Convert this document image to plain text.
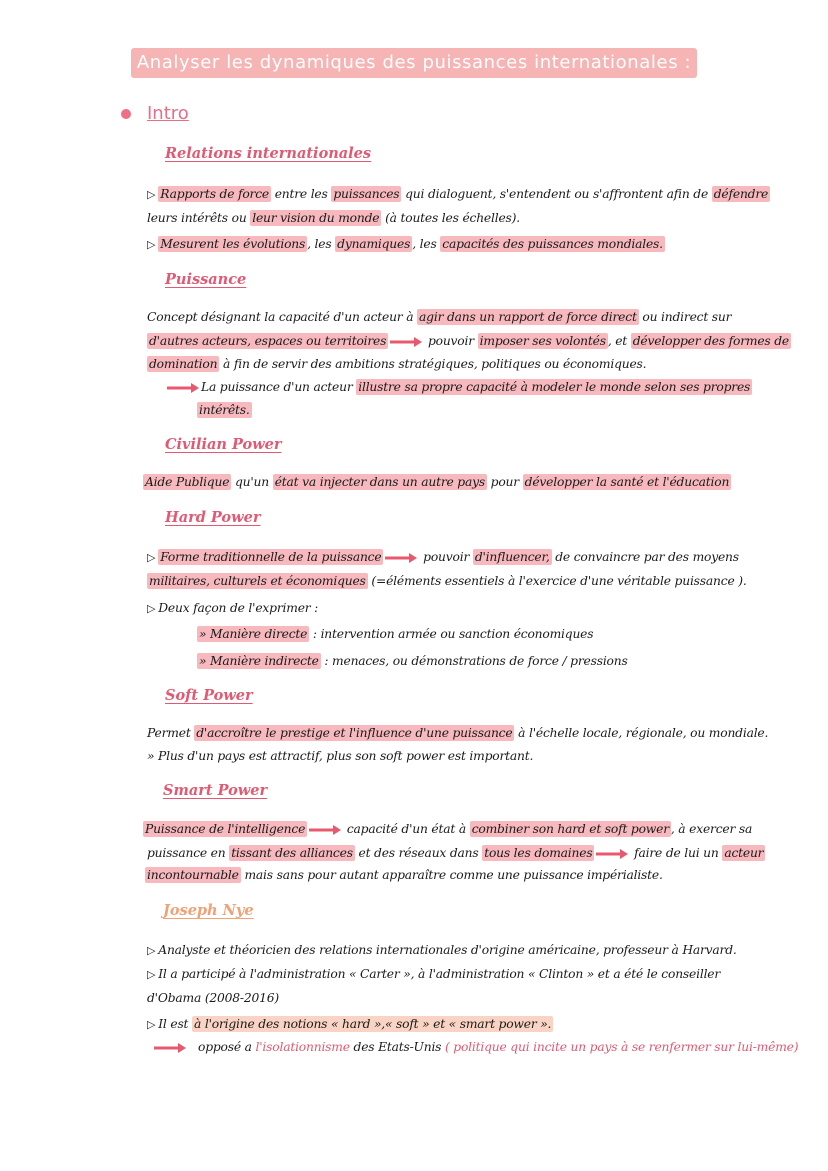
Analyser les dynamiques des puissances internationales :
Intro
Relations internationales
▷ Rapports de force entre les puissances qui dialoguent, s'entendent ou s'affrontent afin de défendre
leurs intérêts ou leur vision du monde (à toutes les échelles).
▷ Mesurent les évolutions , les dynamiques , les capacités des puissances mondiales.
Puissance
Concept désignant la capacité d'un acteur à agir dans un rapport de force direct ou indirect sur
d'autres acteurs, espaces ou territoires	pouvoir imposer ses volontés , et développer des formes de
domination à fin de servir des ambitions stratégiques, politiques ou économiques.
La puissance d'un acteur illustre sa propre capacité à modeler le monde selon ses propres
intérêts.
Civilian Power
Aide Publique qu'un état va injecter dans un autre pays pour développer la santé et l'éducation
Hard Power
▷ Forme traditionnelle de la puissance	pouvoir d'influencer, de convaincre par des moyens
militaires, culturels et économiques (=éléments essentiels à l'exercice d'une véritable puissance ).
▷ Deux façon de l'exprimer :
» Manière directe : intervention armée ou sanction économiques
» Manière indirecte : menaces, ou démonstrations de force / pressions
Soft Power
Permet d'accroître le prestige et l'influence d'une puissance à l'échelle locale, régionale, ou mondiale.
» Plus d'un pays est attractif, plus son soft power est important.
Smart Power
Puissance de l'intelligence	capacité d'un état à combiner son hard et soft power , à exercer sa
puissance en tissant des alliances et des réseaux dans tous les domaines	faire de lui un acteur
incontournable mais sans pour autant apparaître comme une puissance impérialiste.
Joseph Nye
▷ Analyste et théoricien des relations internationales d'origine américaine, professeur à Harvard.
▷ Il a participé à l'administration « Carter », à l'administration « Clinton » et a été le conseiller
d'Obama (2008-2016)
▷ Il est à l'origine des notions « hard »,« soft » et « smart power ».
opposé a l'isolationnisme des Etats-Unis ( politique qui incite un pays à se renfermer sur lui-même)
